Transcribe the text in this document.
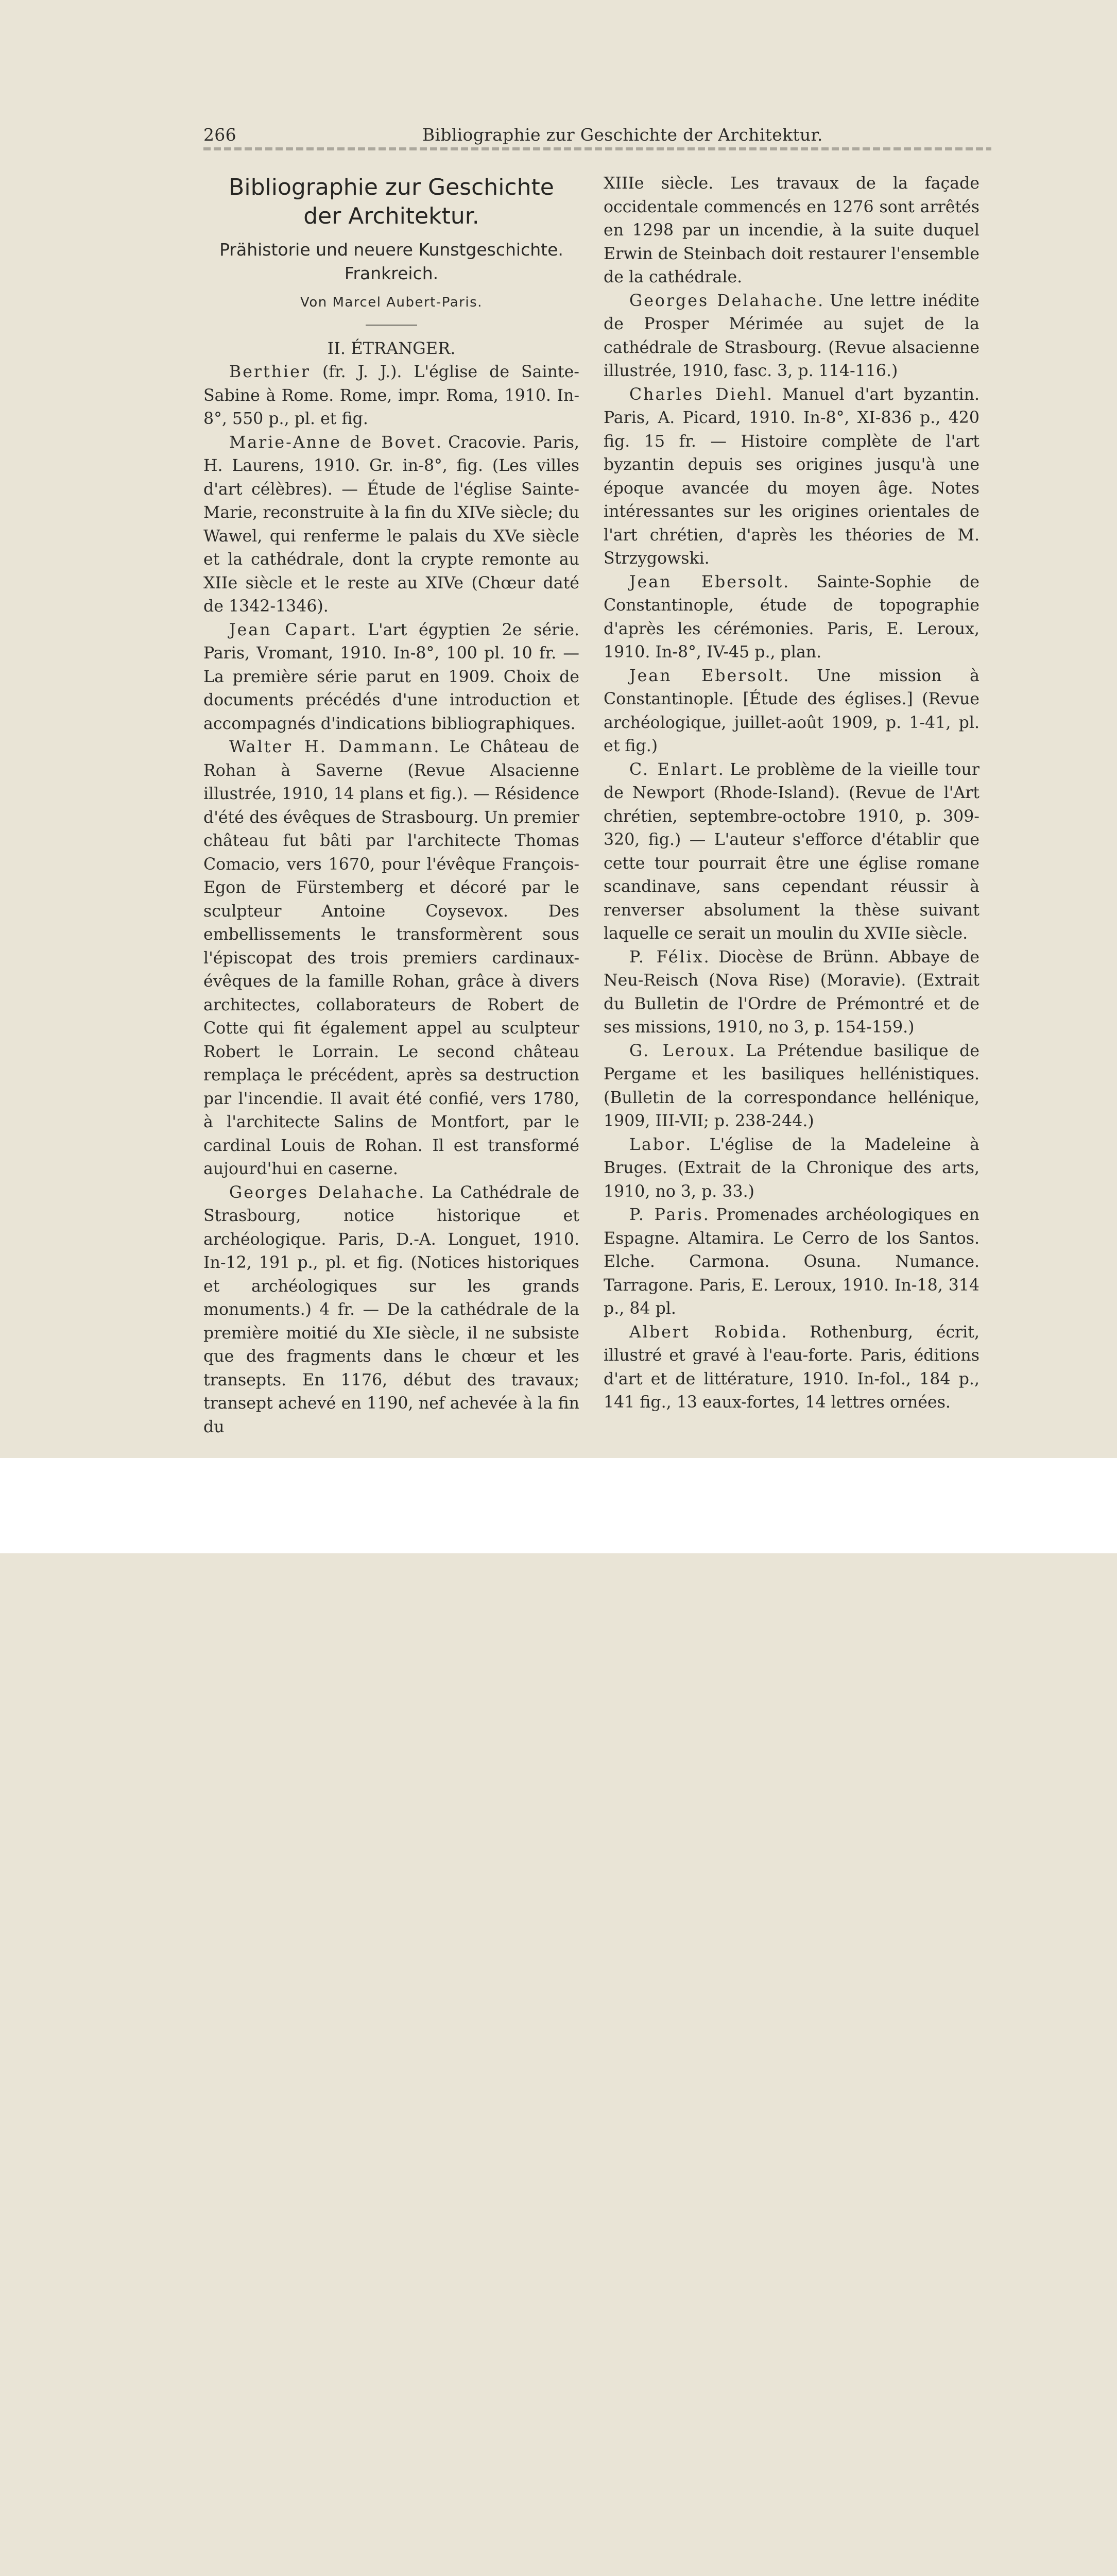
266	Bibliographie zur Geschichte der Architektur.
Bibliographie zur Geschichte
der Architektur.
Prähistorie und neuere Kunstgeschichte.
Frankreich.
Von Marcel Aubert-Paris.
II. ÉTRANGER.

Berthier (fr. J. J.). L'église de Sainte-Sabine à Rome. Rome, impr. Roma, 1910. In-8°, 550 p., pl. et fig.

Marie-Anne de Bovet. Cracovie. Paris, H. Laurens, 1910. Gr. in-8°, fig. (Les villes d'art célèbres). — Étude de l'église Sainte-Marie, reconstruite à la fin du XIVe siècle; du Wawel, qui renferme le palais du XVe siècle et la cathédrale, dont la crypte remonte au XIIe siècle et le reste au XIVe (Chœur daté de 1342-1346).

Jean Capart. L'art égyptien 2e série. Paris, Vromant, 1910. In-8°, 100 pl. 10 fr. — La première série parut en 1909. Choix de documents précédés d'une introduction et accompagnés d'indications bibliographiques.

Walter H. Dammann. Le Château de Rohan à Saverne (Revue Alsacienne illustrée, 1910, 14 plans et fig.). — Résidence d'été des évêques de Strasbourg. Un premier château fut bâti par l'architecte Thomas Comacio, vers 1670, pour l'évêque François-Egon de Fürstemberg et décoré par le sculpteur Antoine Coysevox. Des embellissements le transformèrent sous l'épiscopat des trois premiers cardinaux-évêques de la famille Rohan, grâce à divers architectes, collaborateurs de Robert de Cotte qui fit également appel au sculpteur Robert le Lorrain. Le second château remplaça le précédent, après sa destruction par l'incendie. Il avait été confié, vers 1780, à l'architecte Salins de Montfort, par le cardinal Louis de Rohan. Il est transformé aujourd'hui en caserne.

Georges Delahache. La Cathédrale de Strasbourg, notice historique et archéologique. Paris, D.-A. Longuet, 1910. In-12, 191 p., pl. et fig. (Notices historiques et archéologiques sur les grands monuments.) 4 fr. — De la cathédrale de la première moitié du XIe siècle, il ne subsiste que des fragments dans le chœur et les transepts. En 1176, début des travaux; transept achevé en 1190, nef achevée à la fin du

XIIIe siècle. Les travaux de la façade occidentale commencés en 1276 sont arrêtés en 1298 par un incendie, à la suite duquel Erwin de Steinbach doit restaurer l'ensemble de la cathédrale.

Georges Delahache. Une lettre inédite de Prosper Mérimée au sujet de la cathédrale de Strasbourg. (Revue alsacienne illustrée, 1910, fasc. 3, p. 114-116.)

Charles Diehl. Manuel d'art byzantin. Paris, A. Picard, 1910. In-8°, XI-836 p., 420 fig. 15 fr. — Histoire complète de l'art byzantin depuis ses origines jusqu'à une époque avancée du moyen âge. Notes intéressantes sur les origines orientales de l'art chrétien, d'après les théories de M. Strzygowski.

Jean Ebersolt. Sainte-Sophie de Constantinople, étude de topographie d'après les cérémonies. Paris, E. Leroux, 1910. In-8°, IV-45 p., plan.

Jean Ebersolt. Une mission à Constantinople. [Étude des églises.] (Revue archéologique, juillet-août 1909, p. 1-41, pl. et fig.)

C. Enlart. Le problème de la vieille tour de Newport (Rhode-Island). (Revue de l'Art chrétien, septembre-octobre 1910, p. 309-320, fig.) — L'auteur s'efforce d'établir que cette tour pourrait être une église romane scandinave, sans cependant réussir à renverser absolument la thèse suivant laquelle ce serait un moulin du XVIIe siècle.

P. Félix. Diocèse de Brünn. Abbaye de Neu-Reisch (Nova Rise) (Moravie). (Extrait du Bulletin de l'Ordre de Prémontré et de ses missions, 1910, no 3, p. 154-159.)

G. Leroux. La Prétendue basilique de Pergame et les basiliques hellénistiques. (Bulletin de la correspondance hellénique, 1909, III-VII; p. 238-244.)

Labor. L'église de la Madeleine à Bruges. (Extrait de la Chronique des arts, 1910, no 3, p. 33.)

P. Paris. Promenades archéologiques en Espagne. Altamira. Le Cerro de los Santos. Elche. Carmona. Osuna. Numance. Tarragone. Paris, E. Leroux, 1910. In-18, 314 p., 84 pl.

Albert Robida. Rothenburg, écrit, illustré et gravé à l'eau-forte. Paris, éditions d'art et de littérature, 1910. In-fol., 184 p., 141 fig., 13 eaux-fortes, 14 lettres ornées.
